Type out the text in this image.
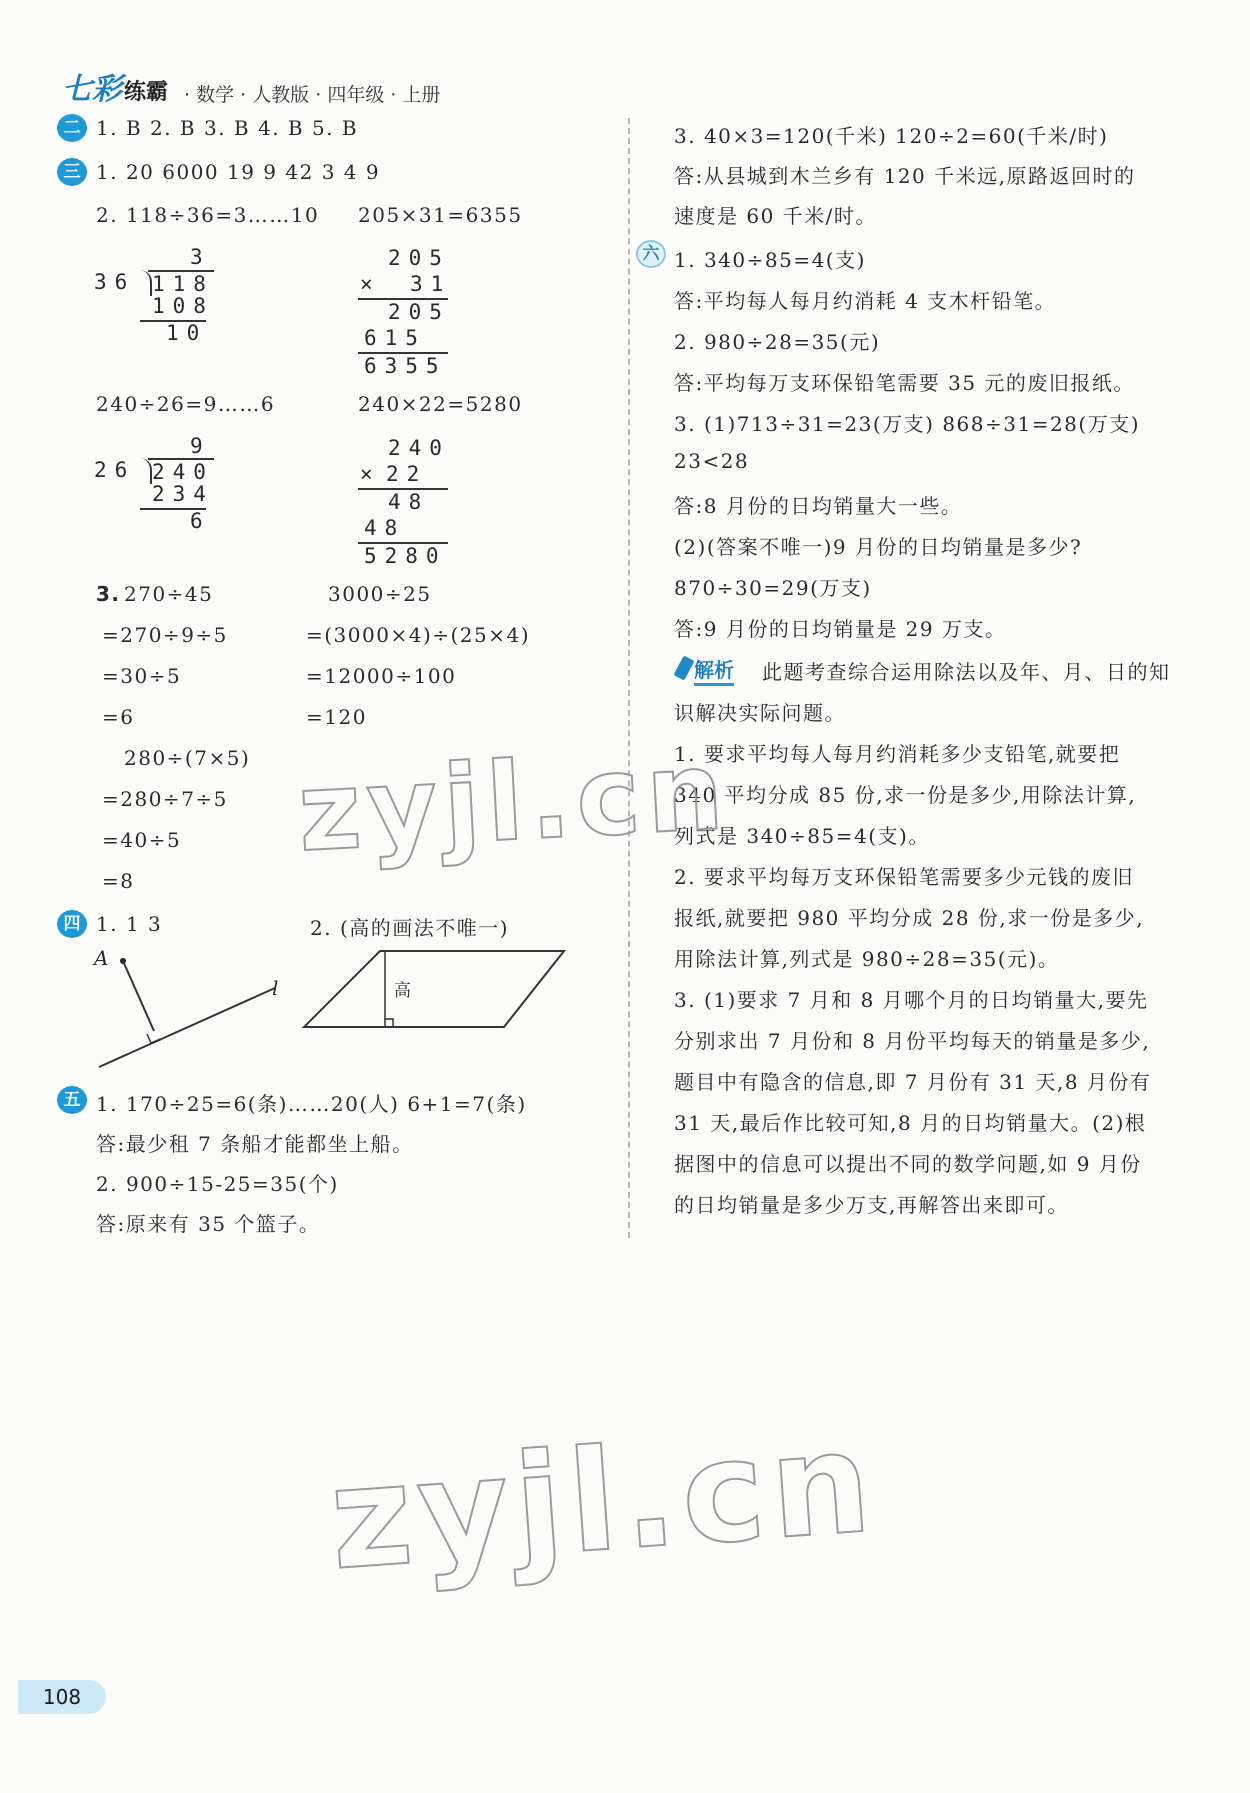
七彩练霸 · 数学 · 人教版 · 四年级 · 上册
二 1. B 2. B 3. B 4. B 5. B
三 1. 20 6000 19 9 42 3 4 9
2. 118÷36=3……10 205×31=6355
3
36 118
108
10
205
× 31
205
615
6355
240÷26=9……6	240×22=5280
9
26 240
234
6
240
× 22
48
48
5280
3. 270÷45
=270÷9÷5
=30÷5
=6
3000÷25
=(3000×4)÷(25×4)
=12000÷100
=120
280÷(7×5)
=280÷7÷5
=40÷5
=8
四 1. 1 3	2. (高的画法不唯一)
A
l	高
五 1. 170÷25=6(条)……20(人) 6+1=7(条)
答:最少租 7 条船才能都坐上船。
2. 900÷15-25=35(个)
答:原来有 35 个篮子。
3. 40×3=120(千米) 120÷2=60(千米/时)
答:从县城到木兰乡有 120 千米远,原路返回时的
速度是 60 千米/时。
六 1. 340÷85=4(支)
答:平均每人每月约消耗 4 支木杆铅笔。
2. 980÷28=35(元)
答:平均每万支环保铅笔需要 35 元的废旧报纸。
3. (1)713÷31=23(万支) 868÷31=28(万支)
23<28
答:8 月份的日均销量大一些。
(2)(答案不唯一)9 月份的日均销量是多少?
870÷30=29(万支)
答:9 月份的日均销量是 29 万支。
解析 此题考查综合运用除法以及年、月、日的知
识解决实际问题。
1. 要求平均每人每月约消耗多少支铅笔,就要把
340 平均分成 85 份,求一份是多少,用除法计算,
列式是 340÷85=4(支)。
2. 要求平均每万支环保铅笔需要多少元钱的废旧
报纸,就要把 980 平均分成 28 份,求一份是多少,
用除法计算,列式是 980÷28=35(元)。
3. (1)要求 7 月和 8 月哪个月的日均销量大,要先
分别求出 7 月份和 8 月份平均每天的销量是多少,
题目中有隐含的信息,即 7 月份有 31 天,8 月份有
31 天,最后作比较可知,8 月的日均销量大。(2)根
据图中的信息可以提出不同的数学问题,如 9 月份
的日均销量是多少万支,再解答出来即可。
zyjl.cn
zyjl.cn
108
